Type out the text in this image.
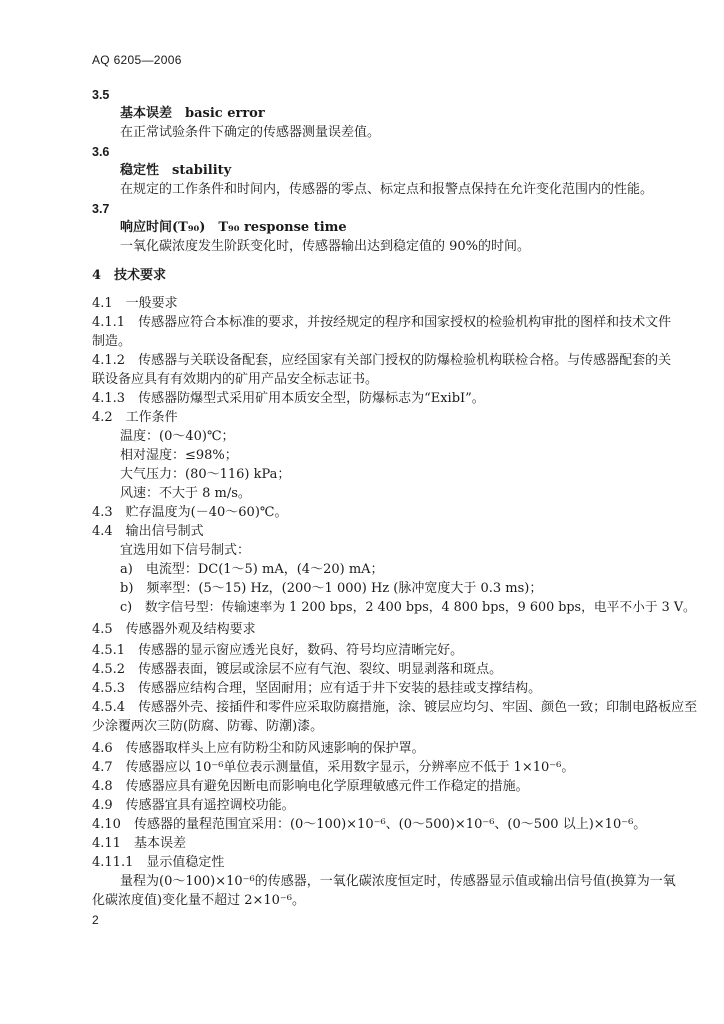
AQ 6205—2006
3.5
基本误差　basic error
在正常试验条件下确定的传感器测量误差值。
3.6
稳定性　stability
在规定的工作条件和时间内，传感器的零点、标定点和报警点保持在允许变化范围内的性能。
3.7
响应时间(T₉₀)　T₉₀ response time
一氧化碳浓度发生阶跃变化时，传感器输出达到稳定值的 90%的时间。
4　技术要求
4.1　一般要求
4.1.1　传感器应符合本标准的要求，并按经规定的程序和国家授权的检验机构审批的图样和技术文件
制造。
4.1.2　传感器与关联设备配套，应经国家有关部门授权的防爆检验机构联检合格。与传感器配套的关
联设备应具有有效期内的矿用产品安全标志证书。
4.1.3　传感器防爆型式采用矿用本质安全型，防爆标志为“ExibI”。
4.2　工作条件
温度：(0～40)℃；
相对湿度：≤98%；
大气压力：(80～116) kPa；
风速：不大于 8 m/s。
4.3　贮存温度为(－40～60)℃。
4.4　输出信号制式
宜选用如下信号制式：
a)　电流型：DC(1～5) mA，(4～20) mA；
b)　频率型：(5～15) Hz，(200～1 000) Hz (脉冲宽度大于 0.3 ms)；
c)　数字信号型：传输速率为 1 200 bps，2 400 bps，4 800 bps，9 600 bps，电平不小于 3 V。
4.5　传感器外观及结构要求
4.5.1　传感器的显示窗应透光良好，数码、符号均应清晰完好。
4.5.2　传感器表面，镀层或涂层不应有气泡、裂纹、明显剥落和斑点。
4.5.3　传感器应结构合理，坚固耐用；应有适于井下安装的悬挂或支撑结构。
4.5.4　传感器外壳、接插件和零件应采取防腐措施，涂、镀层应均匀、牢固、颜色一致；印制电路板应至
少涂覆两次三防(防腐、防霉、防潮)漆。
4.6　传感器取样头上应有防粉尘和防风速影响的保护罩。
4.7　传感器应以 10⁻⁶单位表示测量值，采用数字显示，分辨率应不低于 1×10⁻⁶。
4.8　传感器应具有避免因断电而影响电化学原理敏感元件工作稳定的措施。
4.9　传感器宜具有遥控调校功能。
4.10　传感器的量程范围宜采用：(0～100)×10⁻⁶、(0～500)×10⁻⁶、(0～500 以上)×10⁻⁶。
4.11　基本误差
4.11.1　显示值稳定性
量程为(0～100)×10⁻⁶的传感器，一氧化碳浓度恒定时，传感器显示值或输出信号值(换算为一氧
化碳浓度值)变化量不超过 2×10⁻⁶。
2
